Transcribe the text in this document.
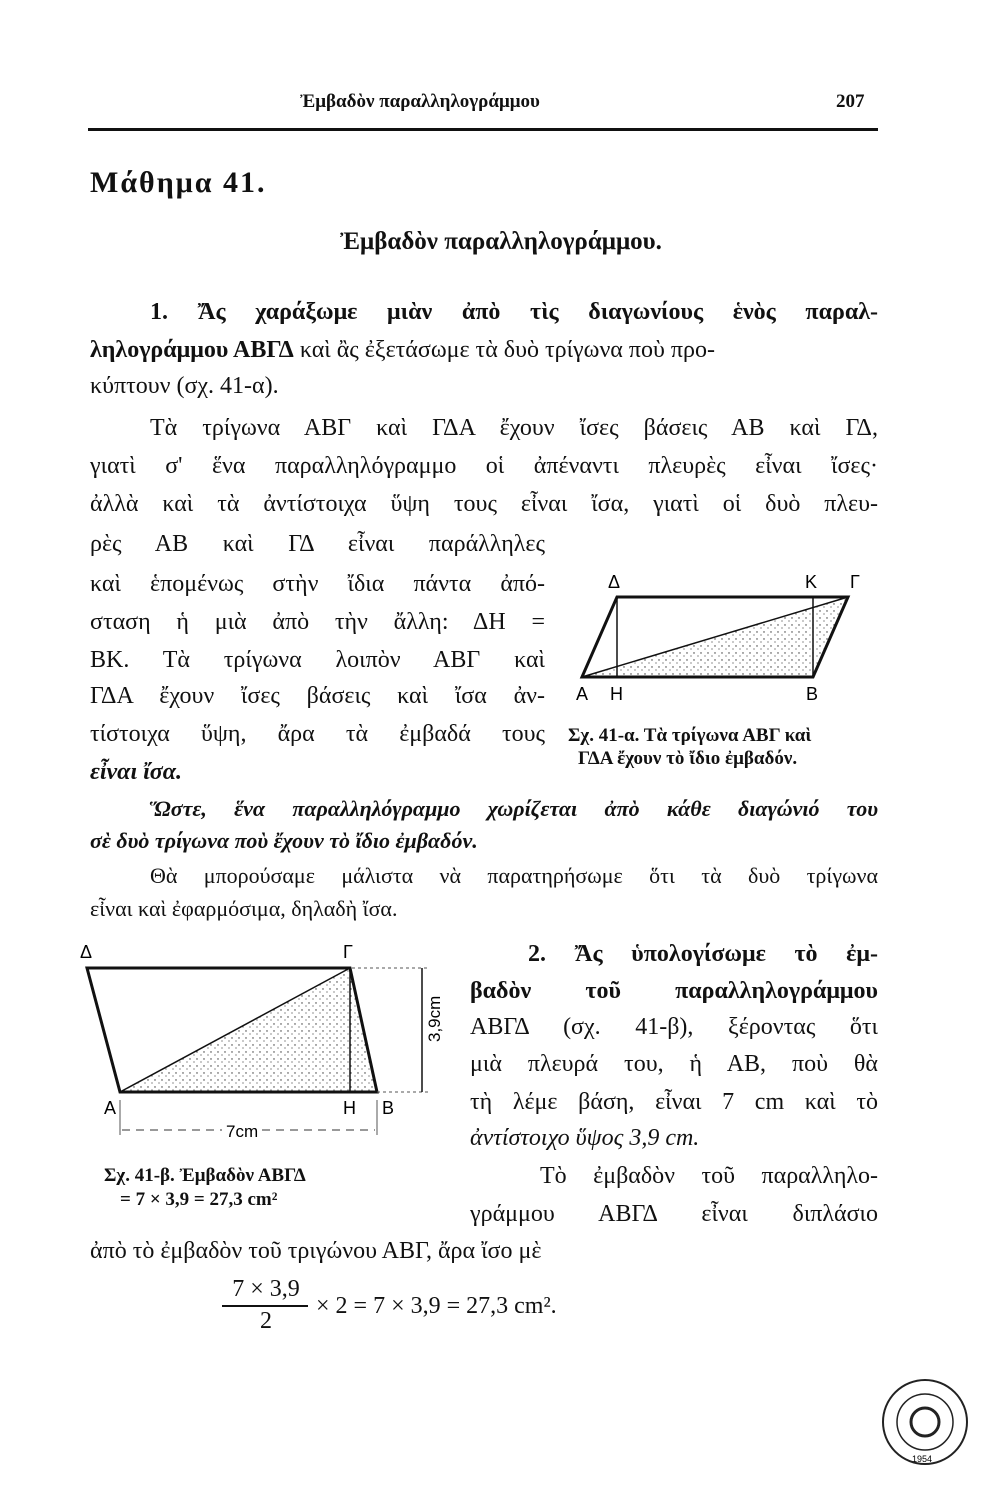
Ἐμβαδὸν παραλληλογράμμου	207
Μάθημα 41.
Ἐμβαδὸν παραλληλογράμμου.
1. Ἄς χαράξωμε μιὰν ἀπὸ τὶς διαγωνίους ἑνὸς παραλ-
ληλογράμμου ΑΒΓΔ καὶ ἂς ἐξετάσωμε τὰ δυὸ τρίγωνα ποὺ προ-
κύπτουν (σχ. 41-α).
Τὰ τρίγωνα ΑΒΓ καὶ ΓΔΑ ἔχουν ἴσες βάσεις ΑΒ καὶ ΓΔ,
γιατὶ σ' ἕνα παραλληλόγραμμο οἱ ἀπέναντι πλευρὲς εἶναι ἴσες·
ἀλλὰ καὶ τὰ ἀντίστοιχα ὕψη τους εἶναι ἴσα, γιατὶ οἱ δυὸ πλευ-
ρὲς ΑΒ καὶ ΓΔ εἶναι παράλληλες
καὶ ἑπομένως στὴν ἴδια πάντα ἀπό-
σταση ἡ μιὰ ἀπὸ τὴν ἄλλη: ΔΗ =
ΒΚ. Τὰ τρίγωνα λοιπὸν ΑΒΓ καὶ
ΓΔΑ ἔχουν ἴσες βάσεις καὶ ἴσα ἀν-
τίστοιχα ὕψη, ἄρα τὰ ἐμβαδά τους
εἶναι ἴσα.
Σχ. 41-α. Τὰ τρίγωνα ΑΒΓ καὶ
ΓΔΑ ἔχουν τὸ ἴδιο ἐμβαδόν.
Ὥστε, ἕνα παραλληλόγραμμο χωρίζεται ἀπὸ κάθε διαγώνιό του
σὲ δυὸ τρίγωνα ποὺ ἔχουν τὸ ἴδιο ἐμβαδόν.
Θὰ μπορούσαμε μάλιστα νὰ παρατηρήσωμε ὅτι τὰ δυὸ τρίγωνα
εἶναι καὶ ἐφαρμόσιμα, δηλαδὴ ἴσα.
2. Ἄς ὑπολογίσωμε τὸ ἐμ-
βαδὸν τοῦ παραλληλογράμμου
ΑΒΓΔ (σχ. 41-β), ξέροντας ὅτι
μιὰ πλευρά του, ἡ ΑΒ, ποὺ θὰ
τὴ λέμε βάση, εἶναι 7 cm καὶ τὸ
ἀντίστοιχο ὕψος 3,9 cm.
Τὸ ἐμβαδὸν τοῦ παραλληλο-
γράμμου ΑΒΓΔ εἶναι διπλάσιο
ἀπὸ τὸ ἐμβαδὸν τοῦ τριγώνου ΑΒΓ, ἄρα ἴσο μὲ
7 × 3,9
2
× 2 = 7 × 3,9 = 27,3 cm².
Σχ. 41-β. Ἐμβαδὸν ΑΒΓΔ
= 7 × 3,9 = 27,3 cm²
Δ	Κ Γ
Α Η	Β
3,9cm
7cm
Δ	Γ
Α	Η Β
1954
